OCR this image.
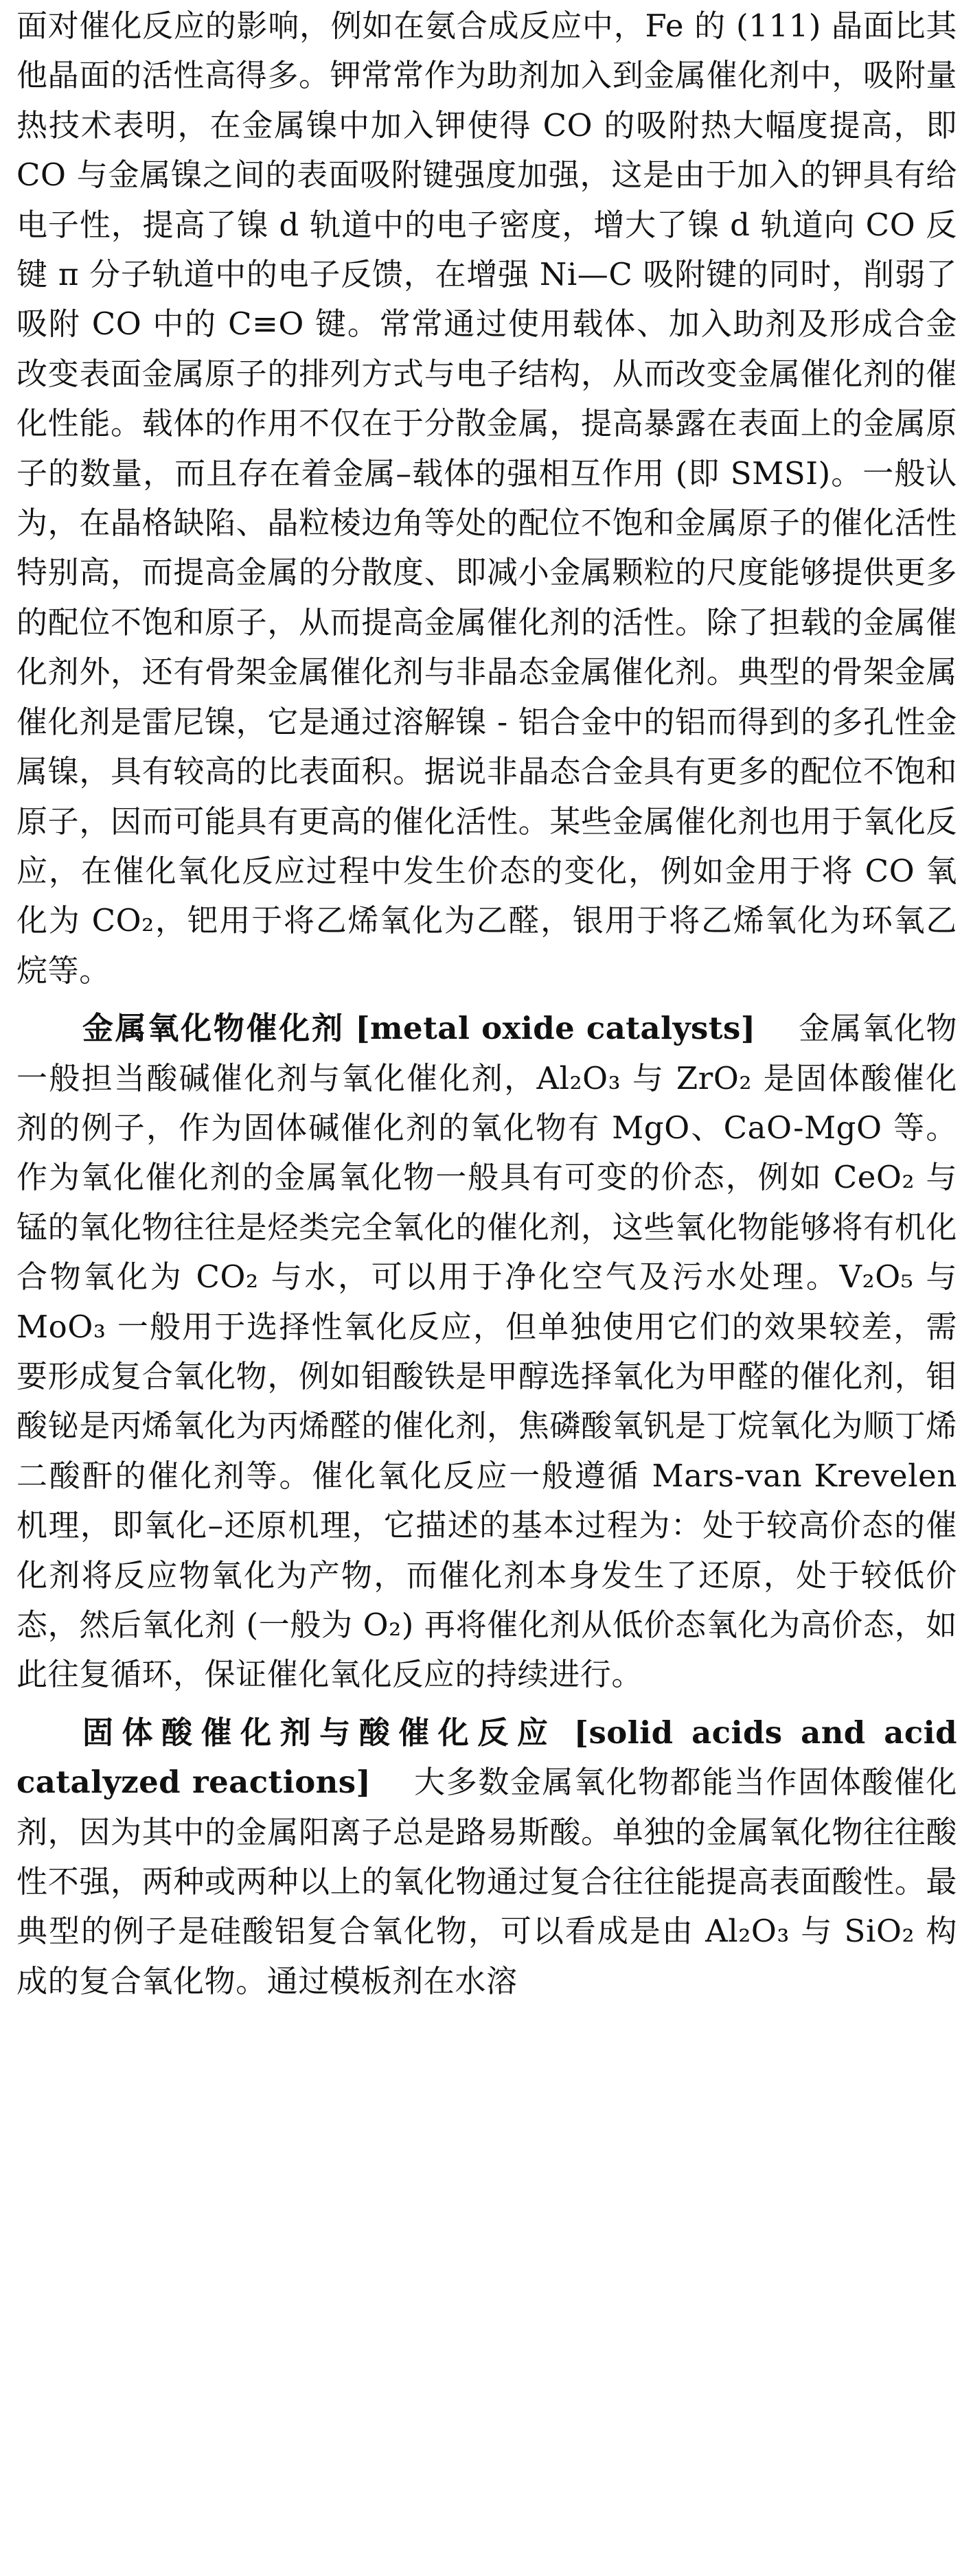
面对催化反应的影响，例如在氨合成反应中，Fe 的 (111) 晶面比其他晶面的活性高得多。钾常常作为助剂加入到金属催化剂中，吸附量热技术表明，在金属镍中加入钾使得 CO 的吸附热大幅度提高，即 CO 与金属镍之间的表面吸附键强度加强，这是由于加入的钾具有给电子性，提高了镍 d 轨道中的电子密度，增大了镍 d 轨道向 CO 反键 π 分子轨道中的电子反馈，在增强 Ni—C 吸附键的同时，削弱了吸附 CO 中的 C≡O 键。常常通过使用载体、加入助剂及形成合金改变表面金属原子的排列方式与电子结构，从而改变金属催化剂的催化性能。载体的作用不仅在于分散金属，提高暴露在表面上的金属原子的数量，而且存在着金属–载体的强相互作用 (即 SMSI)。一般认为，在晶格缺陷、晶粒棱边角等处的配位不饱和金属原子的催化活性特别高，而提高金属的分散度、即减小金属颗粒的尺度能够提供更多的配位不饱和原子，从而提高金属催化剂的活性。除了担载的金属催化剂外，还有骨架金属催化剂与非晶态金属催化剂。典型的骨架金属催化剂是雷尼镍，它是通过溶解镍 - 铝合金中的铝而得到的多孔性金属镍，具有较高的比表面积。据说非晶态合金具有更多的配位不饱和原子，因而可能具有更高的催化活性。某些金属催化剂也用于氧化反应，在催化氧化反应过程中发生价态的变化，例如金用于将 CO 氧化为 CO₂，钯用于将乙烯氧化为乙醛，银用于将乙烯氧化为环氧乙烷等。

金属氧化物催化剂 [metal oxide catalysts] 金属氧化物一般担当酸碱催化剂与氧化催化剂，Al₂O₃ 与 ZrO₂ 是固体酸催化剂的例子，作为固体碱催化剂的氧化物有 MgO、CaO-MgO 等。作为氧化催化剂的金属氧化物一般具有可变的价态，例如 CeO₂ 与锰的氧化物往往是烃类完全氧化的催化剂，这些氧化物能够将有机化合物氧化为 CO₂ 与水，可以用于净化空气及污水处理。V₂O₅ 与 MoO₃ 一般用于选择性氧化反应，但单独使用它们的效果较差，需要形成复合氧化物，例如钼酸铁是甲醇选择氧化为甲醛的催化剂，钼酸铋是丙烯氧化为丙烯醛的催化剂，焦磷酸氧钒是丁烷氧化为顺丁烯二酸酐的催化剂等。催化氧化反应一般遵循 Mars-van Krevelen 机理，即氧化–还原机理，它描述的基本过程为：处于较高价态的催化剂将反应物氧化为产物，而催化剂本身发生了还原，处于较低价态，然后氧化剂 (一般为 O₂) 再将催化剂从低价态氧化为高价态，如此往复循环，保证催化氧化反应的持续进行。

固体酸催化剂与酸催化反应 [solid acids and acid catalyzed reactions] 大多数金属氧化物都能当作固体酸催化剂，因为其中的金属阳离子总是路易斯酸。单独的金属氧化物往往酸性不强，两种或两种以上的氧化物通过复合往往能提高表面酸性。最典型的例子是硅酸铝复合氧化物，可以看成是由 Al₂O₃ 与 SiO₂ 构成的复合氧化物。通过模板剂在水溶
